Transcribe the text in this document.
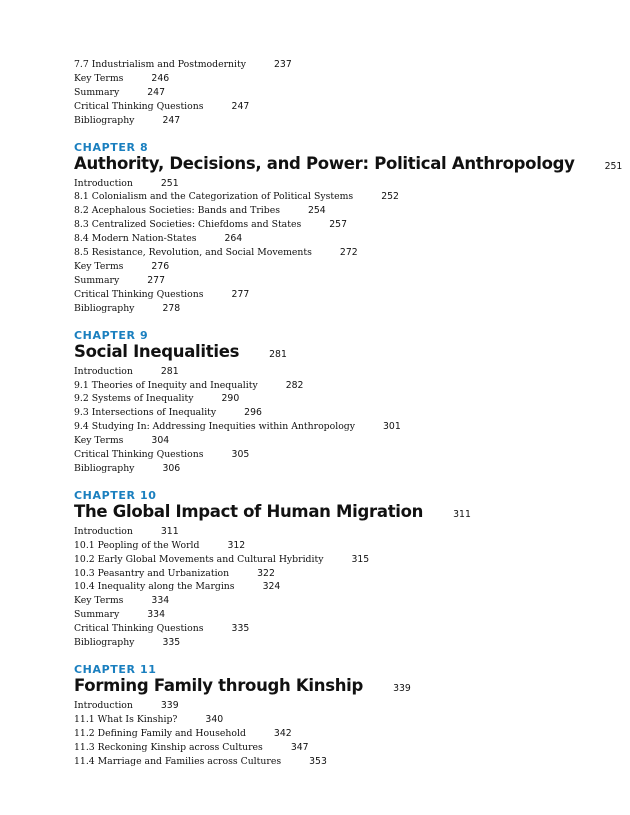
7.7 Industrialism and Postmodernity	237
Key Terms	246
Summary	247
Critical Thinking Questions	247
Bibliography	247
CHAPTER 8
Authority, Decisions, and Power: Political Anthropology	251
Introduction	251
8.1 Colonialism and the Categorization of Political Systems	252
8.2 Acephalous Societies: Bands and Tribes	254
8.3 Centralized Societies: Chiefdoms and States	257
8.4 Modern Nation-States	264
8.5 Resistance, Revolution, and Social Movements	272
Key Terms	276
Summary	277
Critical Thinking Questions	277
Bibliography	278
CHAPTER 9
Social Inequalities	281
Introduction	281
9.1 Theories of Inequity and Inequality	282
9.2 Systems of Inequality	290
9.3 Intersections of Inequality	296
9.4 Studying In: Addressing Inequities within Anthropology	301
Key Terms	304
Critical Thinking Questions	305
Bibliography	306
CHAPTER 10
The Global Impact of Human Migration	311
Introduction	311
10.1 Peopling of the World	312
10.2 Early Global Movements and Cultural Hybridity	315
10.3 Peasantry and Urbanization	322
10.4 Inequality along the Margins	324
Key Terms	334
Summary	334
Critical Thinking Questions	335
Bibliography	335
CHAPTER 11
Forming Family through Kinship	339
Introduction	339
11.1 What Is Kinship?	340
11.2 Defining Family and Household	342
11.3 Reckoning Kinship across Cultures	347
11.4 Marriage and Families across Cultures	353
